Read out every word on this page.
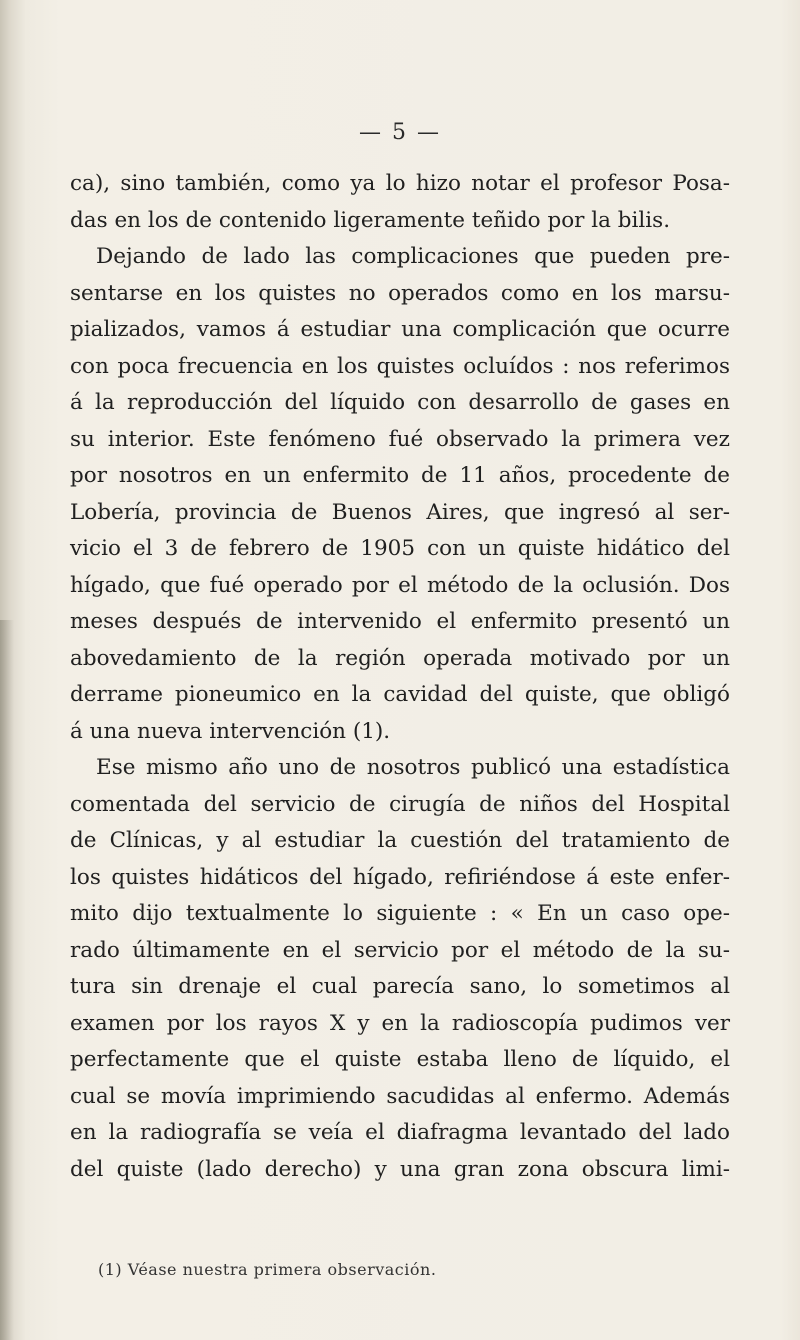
— 5 —
ca), sino también, como ya lo hizo notar el profesor Posa-
das en los de contenido ligeramente teñido por la bilis.
Dejando de lado las complicaciones que pueden pre-
sentarse en los quistes no operados como en los marsu-
pializados, vamos á estudiar una complicación que ocurre
con poca frecuencia en los quistes ocluídos : nos referimos
á la reproducción del líquido con desarrollo de gases en
su interior. Este fenómeno fué observado la primera vez
por nosotros en un enfermito de 11 años, procedente de
Lobería, provincia de Buenos Aires, que ingresó al ser-
vicio el 3 de febrero de 1905 con un quiste hidático del
hígado, que fué operado por el método de la oclusión. Dos
meses después de intervenido el enfermito presentó un
abovedamiento de la región operada motivado por un
derrame pioneumico en la cavidad del quiste, que obligó
á una nueva intervención (1).
Ese mismo año uno de nosotros publicó una estadística
comentada del servicio de cirugía de niños del Hospital
de Clínicas, y al estudiar la cuestión del tratamiento de
los quistes hidáticos del hígado, refiriéndose á este enfer-
mito dijo textualmente lo siguiente : « En un caso ope-
rado últimamente en el servicio por el método de la su-
tura sin drenaje el cual parecía sano, lo sometimos al
examen por los rayos X y en la radioscopía pudimos ver
perfectamente que el quiste estaba lleno de líquido, el
cual se movía imprimiendo sacudidas al enfermo. Además
en la radiografía se veía el diafragma levantado del lado
del quiste (lado derecho) y una gran zona obscura limi-
(1) Véase nuestra primera observación.
